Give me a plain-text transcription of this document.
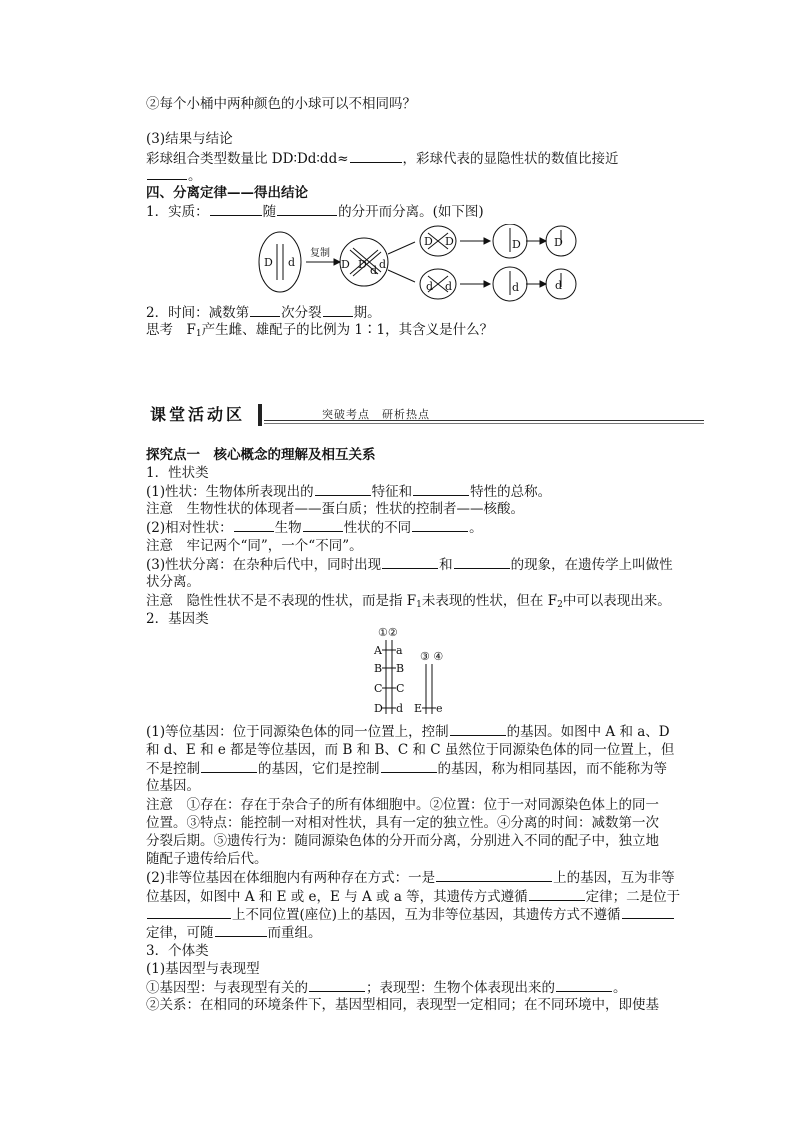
②每个小桶中两种颜色的小球可以不相同吗？
(3)结果与结论
彩球组合类型数量比 DD∶Dd∶dd≈	，彩球代表的显隐性状的数值比接近
。
四、分离定律——得出结论
1．实质：	随	的分开而分离。(如下图)
D d
复制
D D d d
D D
d d
D
d
D
d
2．时间：减数第 次分裂 期。
思考　$F_1$产生雌、雄配子的比例为 1∶1，其含义是什么？
课堂活动区	突破考点　研析热点
探究点一　核心概念的理解及相互关系
1．性状类
(1)性状：生物体所表现出的	特征和	特性的总称。
注意　生物性状的体现者——蛋白质；性状的控制者——核酸。
(2)相对性状：	生物	性状的不同	。
注意　牢记两个“同”，一个“不同”。
(3)性状分离：在杂种后代中，同时出现	和	的现象，在遗传学上叫做性
状分离。
注意　隐性性状不是不表现的性状，而是指 $F_1$未表现的性状，但在 $F_2$中可以表现出来。
2．基因类
①②
③ ④
A a
B B
C C
D d E e
(1)等位基因：位于同源染色体的同一位置上，控制	的基因。如图中 A 和 a、D
和 d、E 和 e 都是等位基因，而 B 和 B、C 和 C 虽然位于同源染色体的同一位置上，但
不是控制	的基因，它们是控制	的基因，称为相同基因，而不能称为等
位基因。
注意　①存在：存在于杂合子的所有体细胞中。②位置：位于一对同源染色体上的同一
位置。③特点：能控制一对相对性状，具有一定的独立性。④分离的时间：减数第一次
分裂后期。⑤遗传行为：随同源染色体的分开而分离，分别进入不同的配子中，独立地
随配子遗传给后代。
(2)非等位基因在体细胞内有两种存在方式：一是	上的基因，互为非等
位基因，如图中 A 和 E 或 e，E 与 A 或 a 等，其遗传方式遵循	定律；二是位于
上不同位置(座位)上的基因，互为非等位基因，其遗传方式不遵循
定律，可随	而重组。
3．个体类
(1)基因型与表现型
①基因型：与表现型有关的	；表现型：生物个体表现出来的	。
②关系：在相同的环境条件下，基因型相同，表现型一定相同；在不同环境中，即使基
